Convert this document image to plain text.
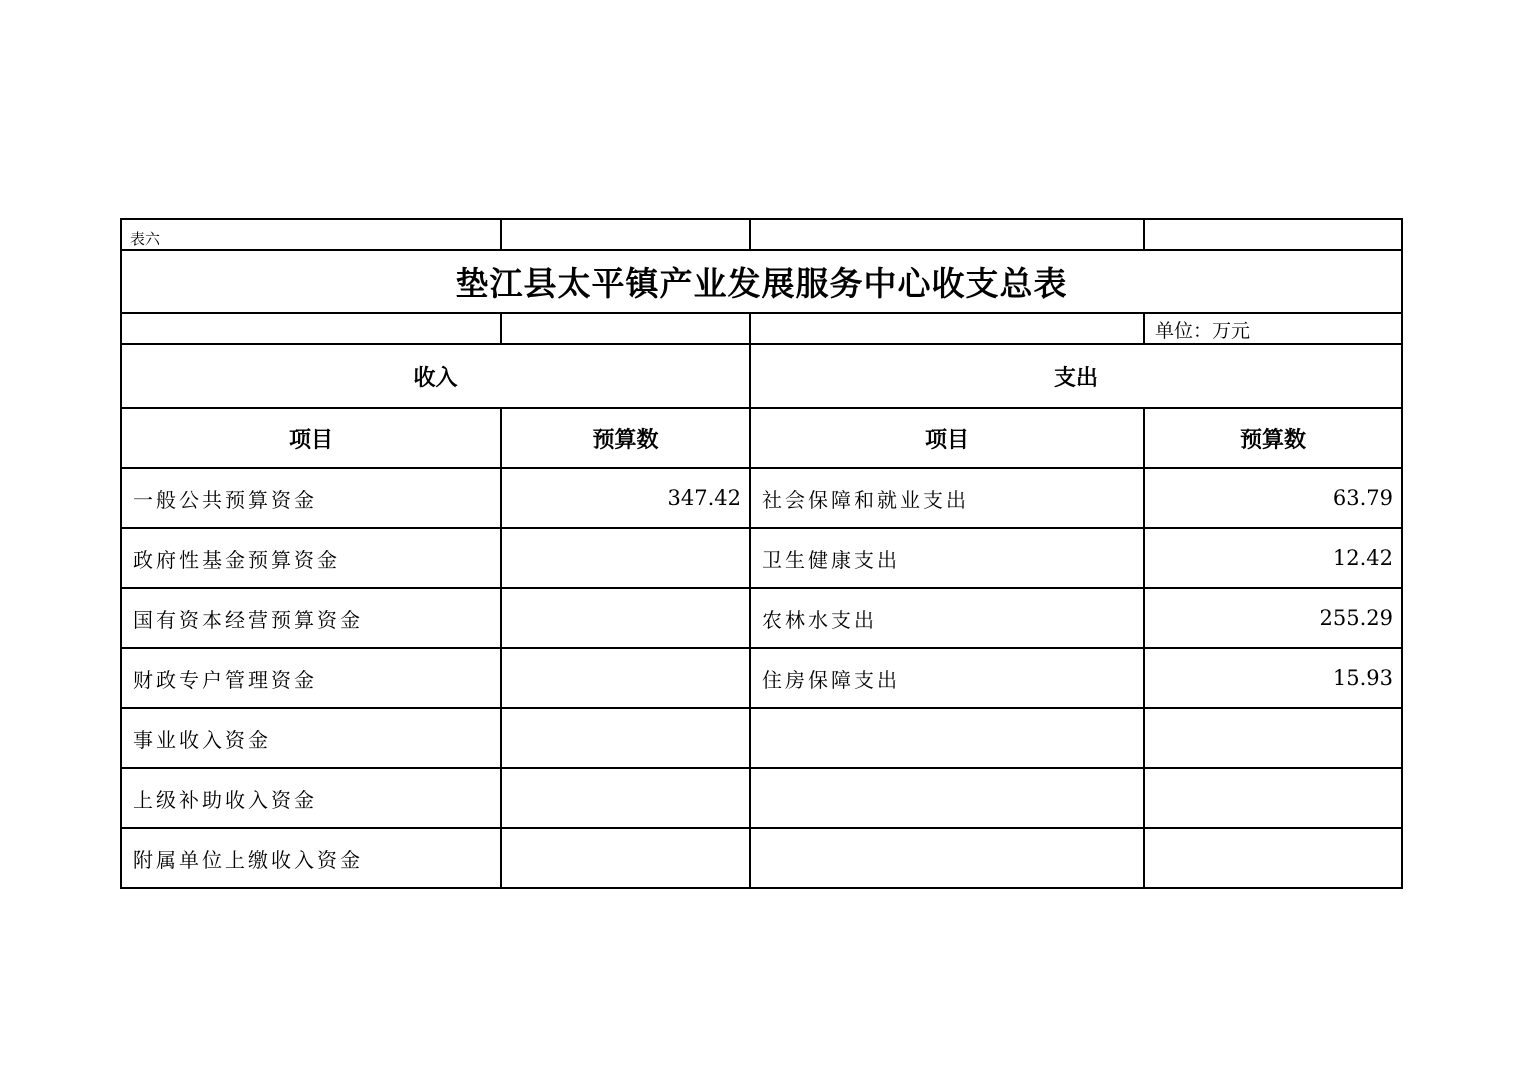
表六			
垫江县太平镇产业发展服务中心收支总表			
			单位：万元
收入		支出	
项目	预算数	项目	预算数
一般公共预算资金	347.42	社会保障和就业支出	63.79
政府性基金预算资金		卫生健康支出	12.42
国有资本经营预算资金		农林水支出	255.29
财政专户管理资金		住房保障支出	15.93
事业收入资金			
上级补助收入资金			
附属单位上缴收入资金			
